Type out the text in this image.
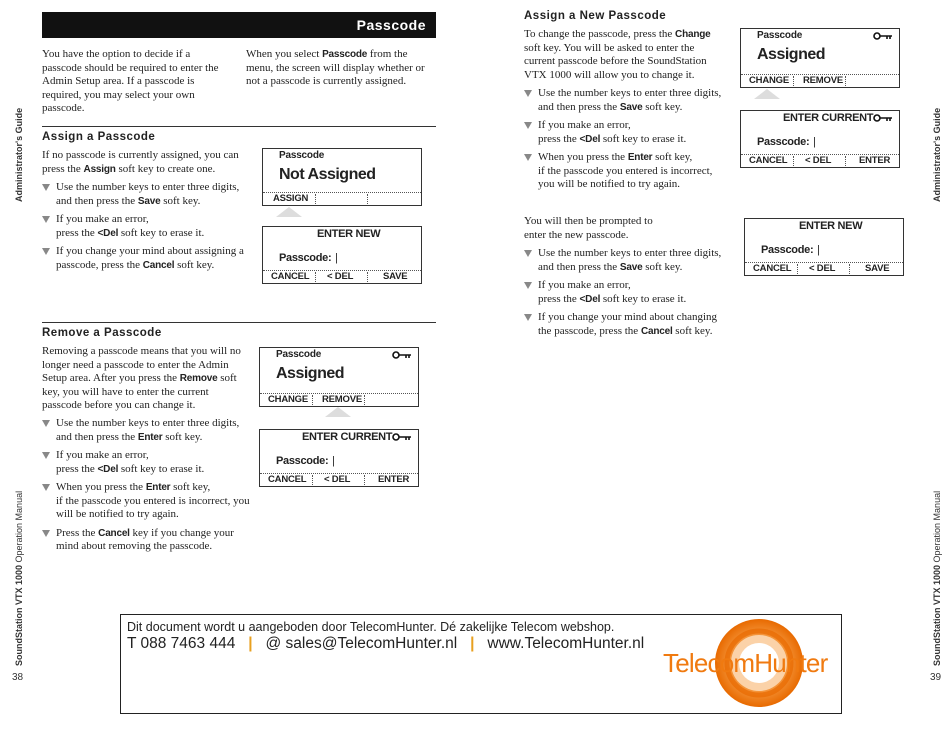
Passcode
You have the option to decide if a passcode should be required to enter the Admin Setup area. If a passcode is required, you may select your own passcode.
When you select Passcode from the menu, the screen will display whether or not a passcode is currently assigned.
Assign a Passcode
If no passcode is currently assigned, you can press the Assign soft key to create one.
Use the number keys to enter three digits, and then press the Save soft key.
If you make an error,
press the <Del soft key to erase it.
If you change your mind about assigning a passcode, press the Cancel soft key.
Passcode
Not Assigned
ASSIGN
ENTER NEW
Passcode: |
CANCEL < DEL	SAVE
Remove a Passcode
Removing a passcode means that you will no longer need a passcode to enter the Admin Setup area. After you press the Remove soft key, you will have to enter the current passcode before you can change it.
Use the number keys to enter three digits, and then press the Enter soft key.
If you make an error,
press the <Del soft key to erase it.
When you press the Enter soft key,
if the passcode you entered is incorrect, you will be notified to try again.
Press the Cancel key if you change your mind about removing the passcode.
Passcode
Assigned
CHANGE REMOVE
ENTER CURRENT
Passcode: |
CANCEL < DEL	ENTER
Administrator's Guide
SoundStation VTX 1000 Operation Manual
38
Assign a New Passcode
To change the passcode, press the Change soft key. You will be asked to enter the current passcode before the SoundStation VTX 1000 will allow you to change it.
Use the number keys to enter three digits, and then press the Save soft key.
If you make an error,
press the <Del soft key to erase it.
When you press the Enter soft key,
if the passcode you entered is incorrect, you will be notified to try again.
Passcode
Assigned
CHANGE REMOVE
ENTER CURRENT
Passcode: |
CANCEL < DEL	ENTER
You will then be prompted to enter the new passcode.
Use the number keys to enter three digits, and then press the Save soft key.
If you make an error,
press the <Del soft key to erase it.
If you change your mind about changing the passcode, press the Cancel soft key.
ENTER NEW
Passcode: |
CANCEL < DEL	SAVE
Administrator's Guide
SoundStation VTX 1000 Operation Manual
39
Dit document wordt u aangeboden door TelecomHunter. Dé zakelijke Telecom webshop.
T 088 7463 444 | @ sales@TelecomHunter.nl | www.TelecomHunter.nl
TelecomHunter
